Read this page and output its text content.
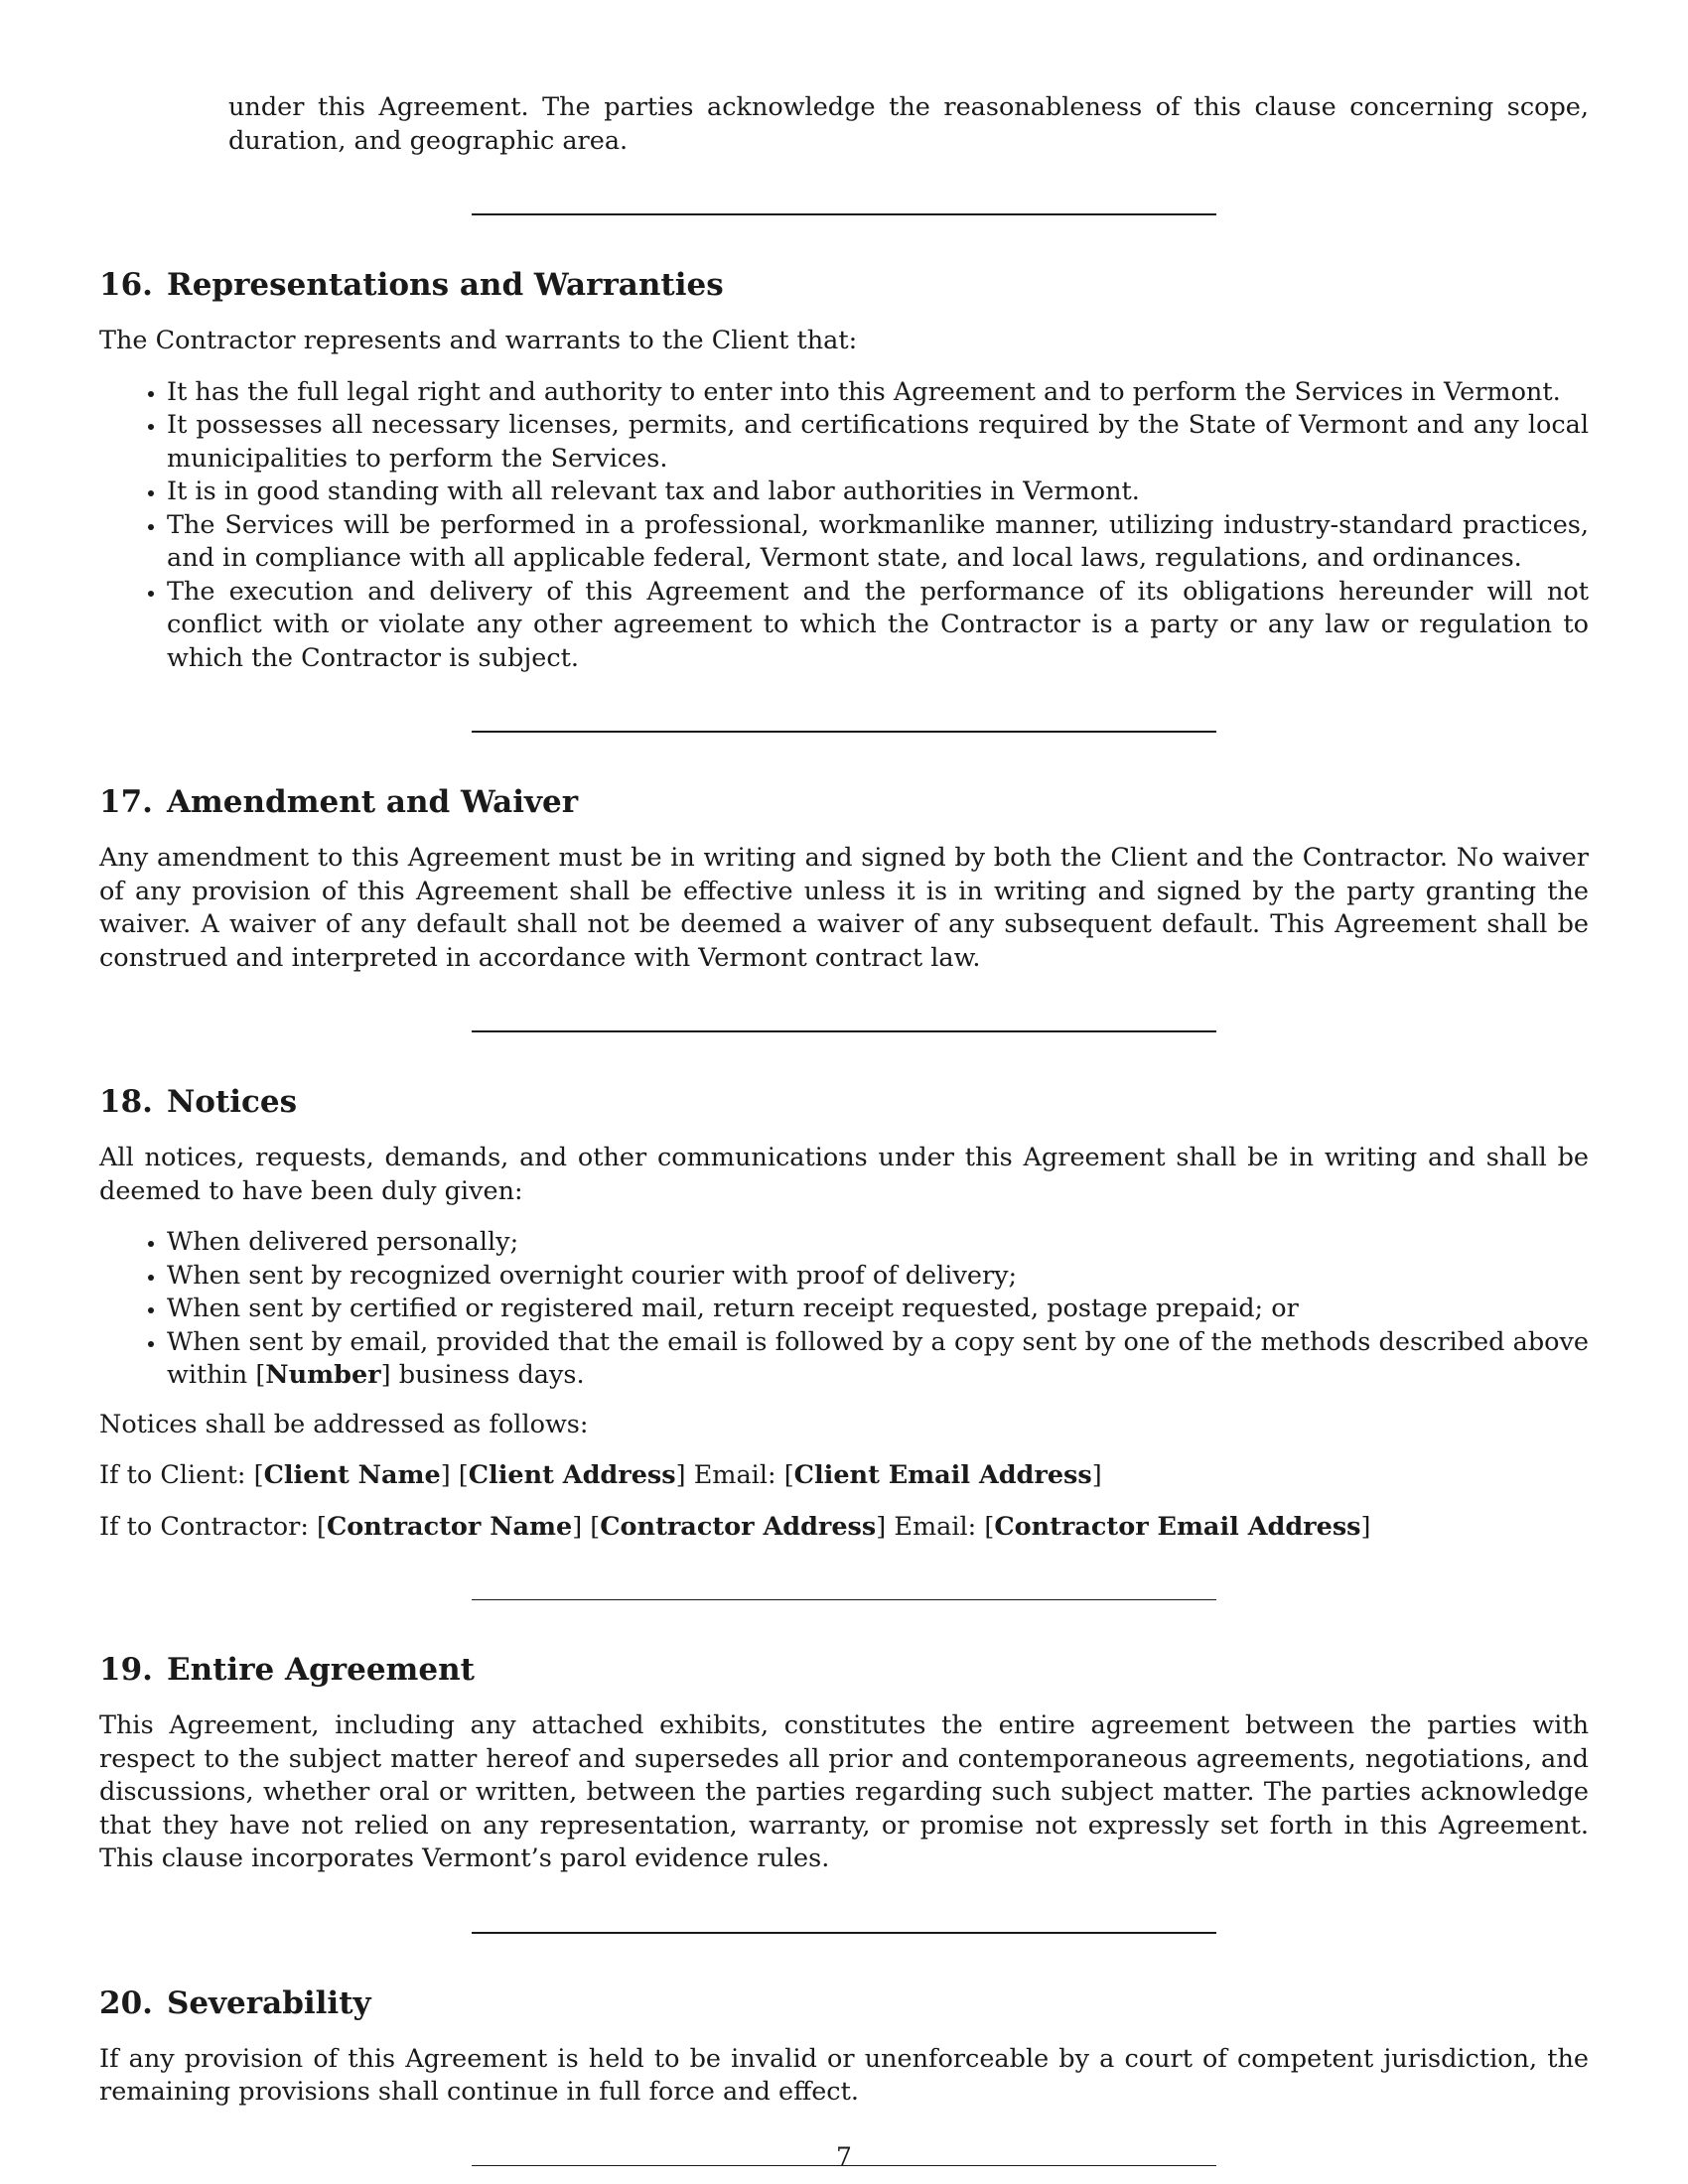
under this Agreement. The parties acknowledge the reasonableness of this clause concerning scope, duration, and geographic area.

16. Representations and Warranties

The Contractor represents and warrants to the Client that:

• It has the full legal right and authority to enter into this Agreement and to perform the Services in Vermont.
• It possesses all necessary licenses, permits, and certifications required by the State of Vermont and any local municipalities to perform the Services.
• It is in good standing with all relevant tax and labor authorities in Vermont.
• The Services will be performed in a professional, workmanlike manner, utilizing industry-standard practices, and in compliance with all applicable federal, Vermont state, and local laws, regulations, and ordinances.
• The execution and delivery of this Agreement and the performance of its obligations hereunder will not conflict with or violate any other agreement to which the Contractor is a party or any law or regulation to which the Contractor is subject.
17. Amendment and Waiver

Any amendment to this Agreement must be in writing and signed by both the Client and the Contractor. No waiver of any provision of this Agreement shall be effective unless it is in writing and signed by the party granting the waiver. A waiver of any default shall not be deemed a waiver of any subsequent default. This Agreement shall be construed and interpreted in accordance with Vermont contract law.

18. Notices

All notices, requests, demands, and other communications under this Agreement shall be in writing and shall be deemed to have been duly given:

• When delivered personally;
• When sent by recognized overnight courier with proof of delivery;
• When sent by certified or registered mail, return receipt requested, postage prepaid; or
• When sent by email, provided that the email is followed by a copy sent by one of the methods described above within [Number] business days.

Notices shall be addressed as follows:

If to Client: [Client Name] [Client Address] Email: [Client Email Address]

If to Contractor: [Contractor Name] [Contractor Address] Email: [Contractor Email Address]

19. Entire Agreement

This Agreement, including any attached exhibits, constitutes the entire agreement between the parties with respect to the subject matter hereof and supersedes all prior and contemporaneous agreements, negotiations, and discussions, whether oral or written, between the parties regarding such subject matter. The parties acknowledge that they have not relied on any representation, warranty, or promise not expressly set forth in this Agreement. This clause incorporates Vermont’s parol evidence rules.

20. Severability

If any provision of this Agreement is held to be invalid or unenforceable by a court of competent jurisdiction, the remaining provisions shall continue in full force and effect.

7
